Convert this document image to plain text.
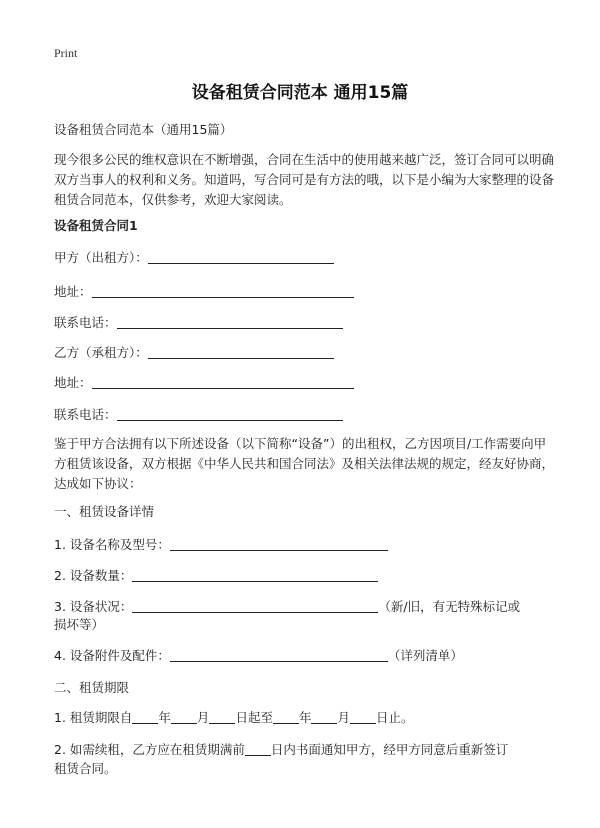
Print
设备租赁合同范本 通用15篇

设备租赁合同范本（通用15篇）

现今很多公民的维权意识在不断增强，合同在生活中的使用越来越广泛，签订合同可以明确双方当事人的权利和义务。知道吗，写合同可是有方法的哦，以下是小编为大家整理的设备租赁合同范本，仅供参考，欢迎大家阅读。

设备租赁合同1

甲方（出租方）：
地址：
联系电话：
乙方（承租方）：
地址：
联系电话：

鉴于甲方合法拥有以下所述设备（以下简称“设备”）的出租权，乙方因项目/工作需要向甲方租赁该设备，双方根据《中华人民共和国合同法》及相关法律法规的规定，经友好协商，达成如下协议：

一、租赁设备详情

1. 设备名称及型号：
2. 设备数量：
3. 设备状况：	（新/旧，有无特殊标记或
损坏等）
4. 设备附件及配件：	（详列清单）

二、租赁期限

1. 租赁期限自 年 月 日起至 年 月 日止。
2. 如需续租，乙方应在租赁期满前 日内书面通知甲方，经甲方同意后重新签订
租赁合同。
